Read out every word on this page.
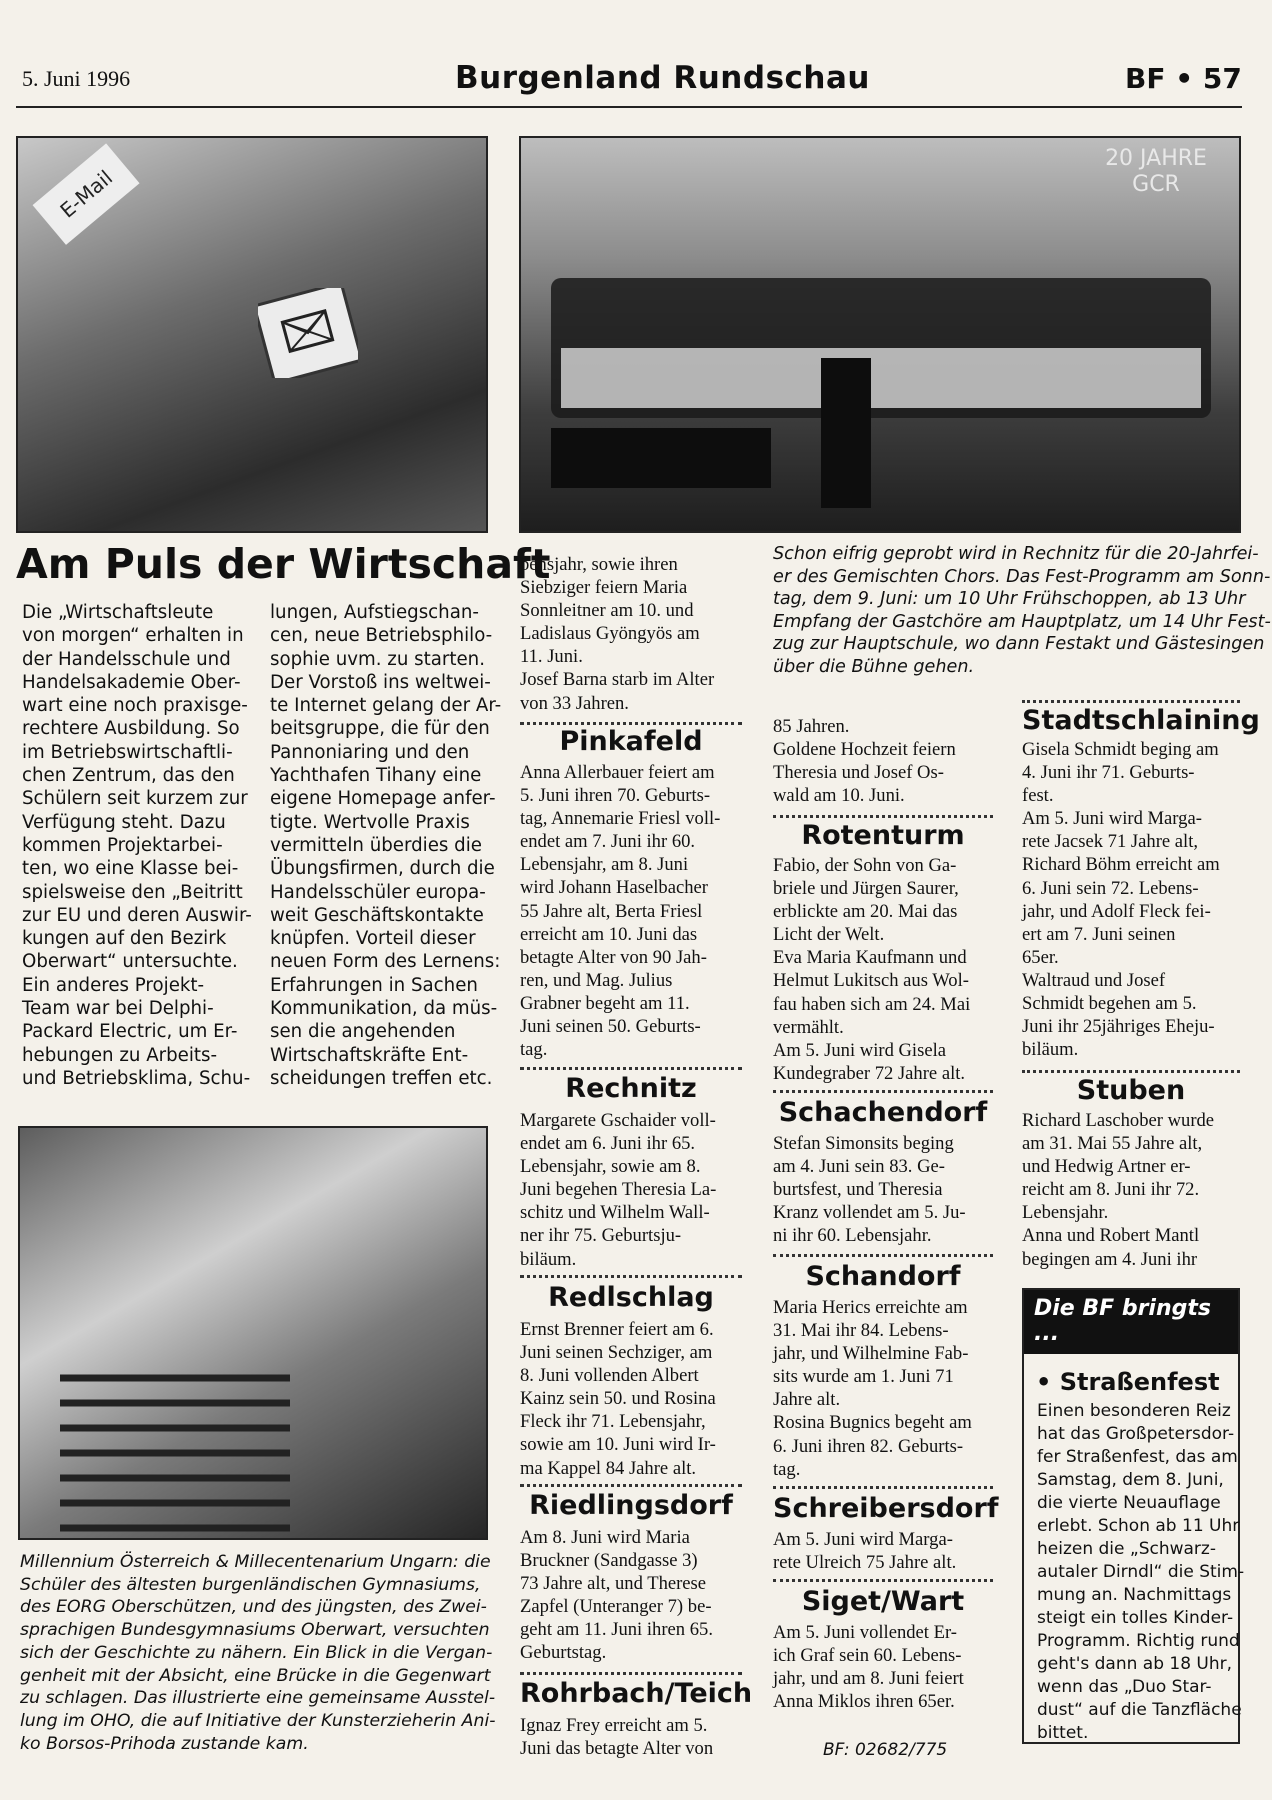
5. Juni 1996	Burgenland Rundschau	BF • 57
E-Mail
20 JAHRE GCR
Am Puls der Wirtschaft
Die „Wirtschaftsleute
von morgen“ erhalten in
der Handelsschule und
Handelsakademie Ober-
wart eine noch praxisge-
rechtere Ausbildung. So
im Betriebswirtschaftli-
chen Zentrum, das den
Schülern seit kurzem zur
Verfügung steht. Dazu
kommen Projektarbei-
ten, wo eine Klasse bei-
spielsweise den „Beitritt
zur EU und deren Auswir-
kungen auf den Bezirk
Oberwart“ untersuchte.
Ein anderes Projekt-
Team war bei Delphi-
Packard Electric, um Er-
hebungen zu Arbeits-
und Betriebsklima, Schu-
lungen, Aufstiegschan-
cen, neue Betriebsphilo-
sophie uvm. zu starten.
Der Vorstoß ins weltwei-
te Internet gelang der Ar-
beitsgruppe, die für den
Pannoniaring und den
Yachthafen Tihany eine
eigene Homepage anfer-
tigte. Wertvolle Praxis
vermitteln überdies die
Übungsfirmen, durch die
Handelsschüler europa-
weit Geschäftskontakte
knüpfen. Vorteil dieser
neuen Form des Lernens:
Erfahrungen in Sachen
Kommunikation, da müs-
sen die angehenden
Wirtschaftskräfte Ent-
scheidungen treffen etc.
Schon eifrig geprobt wird in Rechnitz für die 20-Jahrfei-
er des Gemischten Chors. Das Fest-Programm am Sonn-
tag, dem 9. Juni: um 10 Uhr Frühschoppen, ab 13 Uhr
Empfang der Gastchöre am Hauptplatz, um 14 Uhr Fest-
zug zur Hauptschule, wo dann Festakt und Gästesingen
über die Bühne gehen.
Millennium Österreich & Millecentenarium Ungarn: die
Schüler des ältesten burgenländischen Gymnasiums,
des EORG Oberschützen, und des jüngsten, des Zwei-
sprachigen Bundesgymnasiums Oberwart, versuchten
sich der Geschichte zu nähern. Ein Blick in die Vergan-
genheit mit der Absicht, eine Brücke in die Gegenwart
zu schlagen. Das illustrierte eine gemeinsame Ausstel-
lung im OHO, die auf Initiative der Kunsterzieherin Ani-
ko Borsos-Prihoda zustande kam.
bensjahr, sowie ihren
Siebziger feiern Maria
Sonnleitner am 10. und
Ladislaus Gyöngyös am
11. Juni.
Josef Barna starb im Alter
von 33 Jahren.
Pinkafeld
Anna Allerbauer feiert am
5. Juni ihren 70. Geburts-
tag, Annemarie Friesl voll-
endet am 7. Juni ihr 60.
Lebensjahr, am 8. Juni
wird Johann Haselbacher
55 Jahre alt, Berta Friesl
erreicht am 10. Juni das
betagte Alter von 90 Jah-
ren, und Mag. Julius
Grabner begeht am 11.
Juni seinen 50. Geburts-
tag.
Rechnitz
Margarete Gschaider voll-
endet am 6. Juni ihr 65.
Lebensjahr, sowie am 8.
Juni begehen Theresia La-
schitz und Wilhelm Wall-
ner ihr 75. Geburtsju-
biläum.
Redlschlag
Ernst Brenner feiert am 6.
Juni seinen Sechziger, am
8. Juni vollenden Albert
Kainz sein 50. und Rosina
Fleck ihr 71. Lebensjahr,
sowie am 10. Juni wird Ir-
ma Kappel 84 Jahre alt.
Riedlingsdorf
Am 8. Juni wird Maria
Bruckner (Sandgasse 3)
73 Jahre alt, und Therese
Zapfel (Unteranger 7) be-
geht am 11. Juni ihren 65.
Geburtstag.
Rohrbach/Teich
Ignaz Frey erreicht am 5.
Juni das betagte Alter von
85 Jahren.
Goldene Hochzeit feiern
Theresia und Josef Os-
wald am 10. Juni.
Rotenturm
Fabio, der Sohn von Ga-
briele und Jürgen Saurer,
erblickte am 20. Mai das
Licht der Welt.
Eva Maria Kaufmann und
Helmut Lukitsch aus Wol-
fau haben sich am 24. Mai
vermählt.
Am 5. Juni wird Gisela
Kundegraber 72 Jahre alt.
Schachendorf
Stefan Simonsits beging
am 4. Juni sein 83. Ge-
burtsfest, und Theresia
Kranz vollendet am 5. Ju-
ni ihr 60. Lebensjahr.
Schandorf
Maria Herics erreichte am
31. Mai ihr 84. Lebens-
jahr, und Wilhelmine Fab-
sits wurde am 1. Juni 71
Jahre alt.
Rosina Bugnics begeht am
6. Juni ihren 82. Geburts-
tag.
Schreibersdorf
Am 5. Juni wird Marga-
rete Ulreich 75 Jahre alt.
Siget/Wart
Am 5. Juni vollendet Er-
ich Graf sein 60. Lebens-
jahr, und am 8. Juni feiert
Anna Miklos ihren 65er.
BF: 02682/775
Stadtschlaining
Gisela Schmidt beging am
4. Juni ihr 71. Geburts-
fest.
Am 5. Juni wird Marga-
rete Jacsek 71 Jahre alt,
Richard Böhm erreicht am
6. Juni sein 72. Lebens-
jahr, und Adolf Fleck fei-
ert am 7. Juni seinen
65er.
Waltraud und Josef
Schmidt begehen am 5.
Juni ihr 25jähriges Eheju-
biläum.
Stuben
Richard Laschober wurde
am 31. Mai 55 Jahre alt,
und Hedwig Artner er-
reicht am 8. Juni ihr 72.
Lebensjahr.
Anna und Robert Mantl
begingen am 4. Juni ihr
Die BF bringts ...
• Straßenfest
Einen besonderen Reiz
hat das Großpetersdor-
fer Straßenfest, das am
Samstag, dem 8. Juni,
die vierte Neuauflage
erlebt. Schon ab 11 Uhr
heizen die „Schwarz-
autaler Dirndl“ die Stim-
mung an. Nachmittags
steigt ein tolles Kinder-
Programm. Richtig rund
geht's dann ab 18 Uhr,
wenn das „Duo Star-
dust“ auf die Tanzfläche
bittet.
